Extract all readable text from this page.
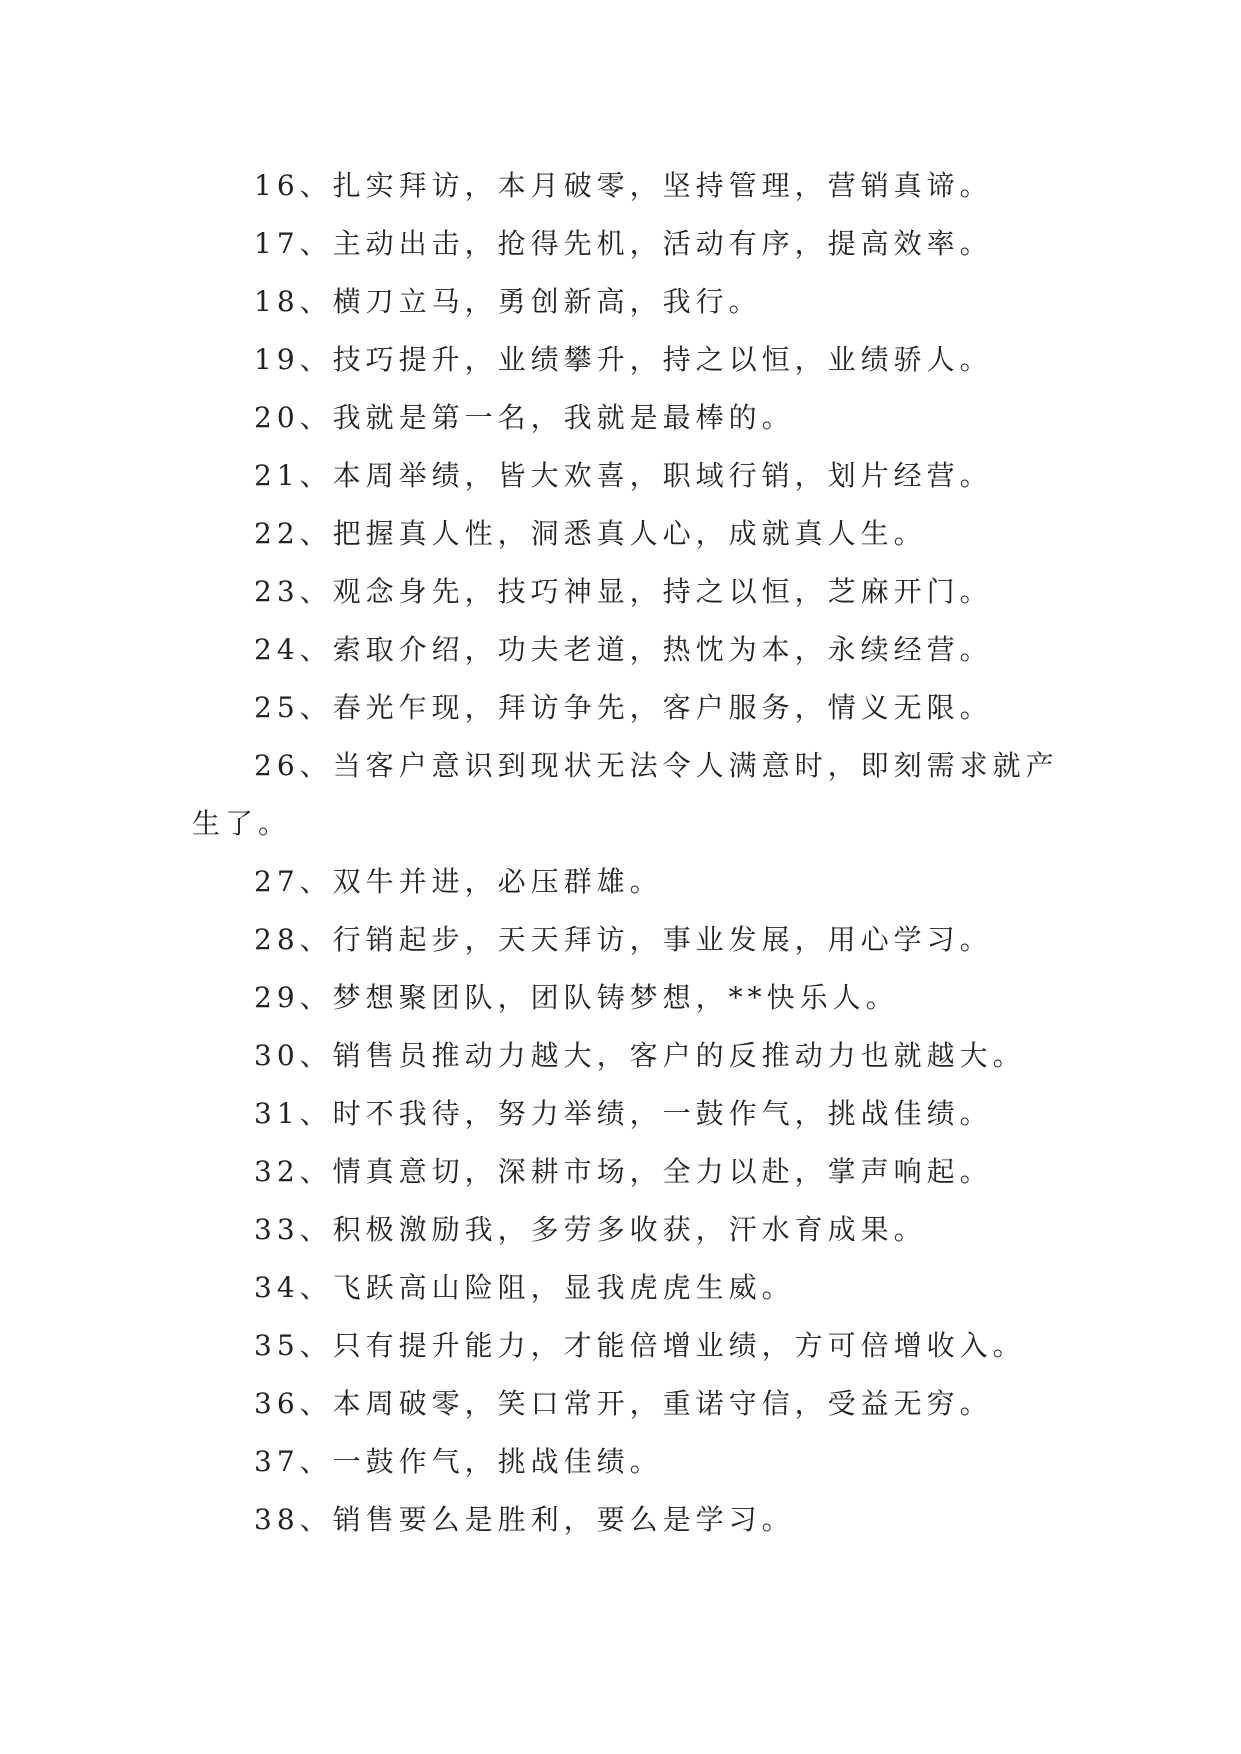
16、扎实拜访，本月破零，坚持管理，营销真谛。

17、主动出击，抢得先机，活动有序，提高效率。

18、横刀立马，勇创新高，我行。

19、技巧提升，业绩攀升，持之以恒，业绩骄人。

20、我就是第一名，我就是最棒的。

21、本周举绩，皆大欢喜，职域行销，划片经营。

22、把握真人性，洞悉真人心，成就真人生。

23、观念身先，技巧神显，持之以恒，芝麻开门。

24、索取介绍，功夫老道，热忱为本，永续经营。

25、春光乍现，拜访争先，客户服务，情义无限。

26、当客户意识到现状无法令人满意时，即刻需求就产生了。

27、双牛并进，必压群雄。

28、行销起步，天天拜访，事业发展，用心学习。

29、梦想聚团队，团队铸梦想，**快乐人。

30、销售员推动力越大，客户的反推动力也就越大。

31、时不我待，努力举绩，一鼓作气，挑战佳绩。

32、情真意切，深耕市场，全力以赴，掌声响起。

33、积极激励我，多劳多收获，汗水育成果。

34、飞跃高山险阻，显我虎虎生威。

35、只有提升能力，才能倍增业绩，方可倍增收入。

36、本周破零，笑口常开，重诺守信，受益无穷。

37、一鼓作气，挑战佳绩。

38、销售要么是胜利，要么是学习。
